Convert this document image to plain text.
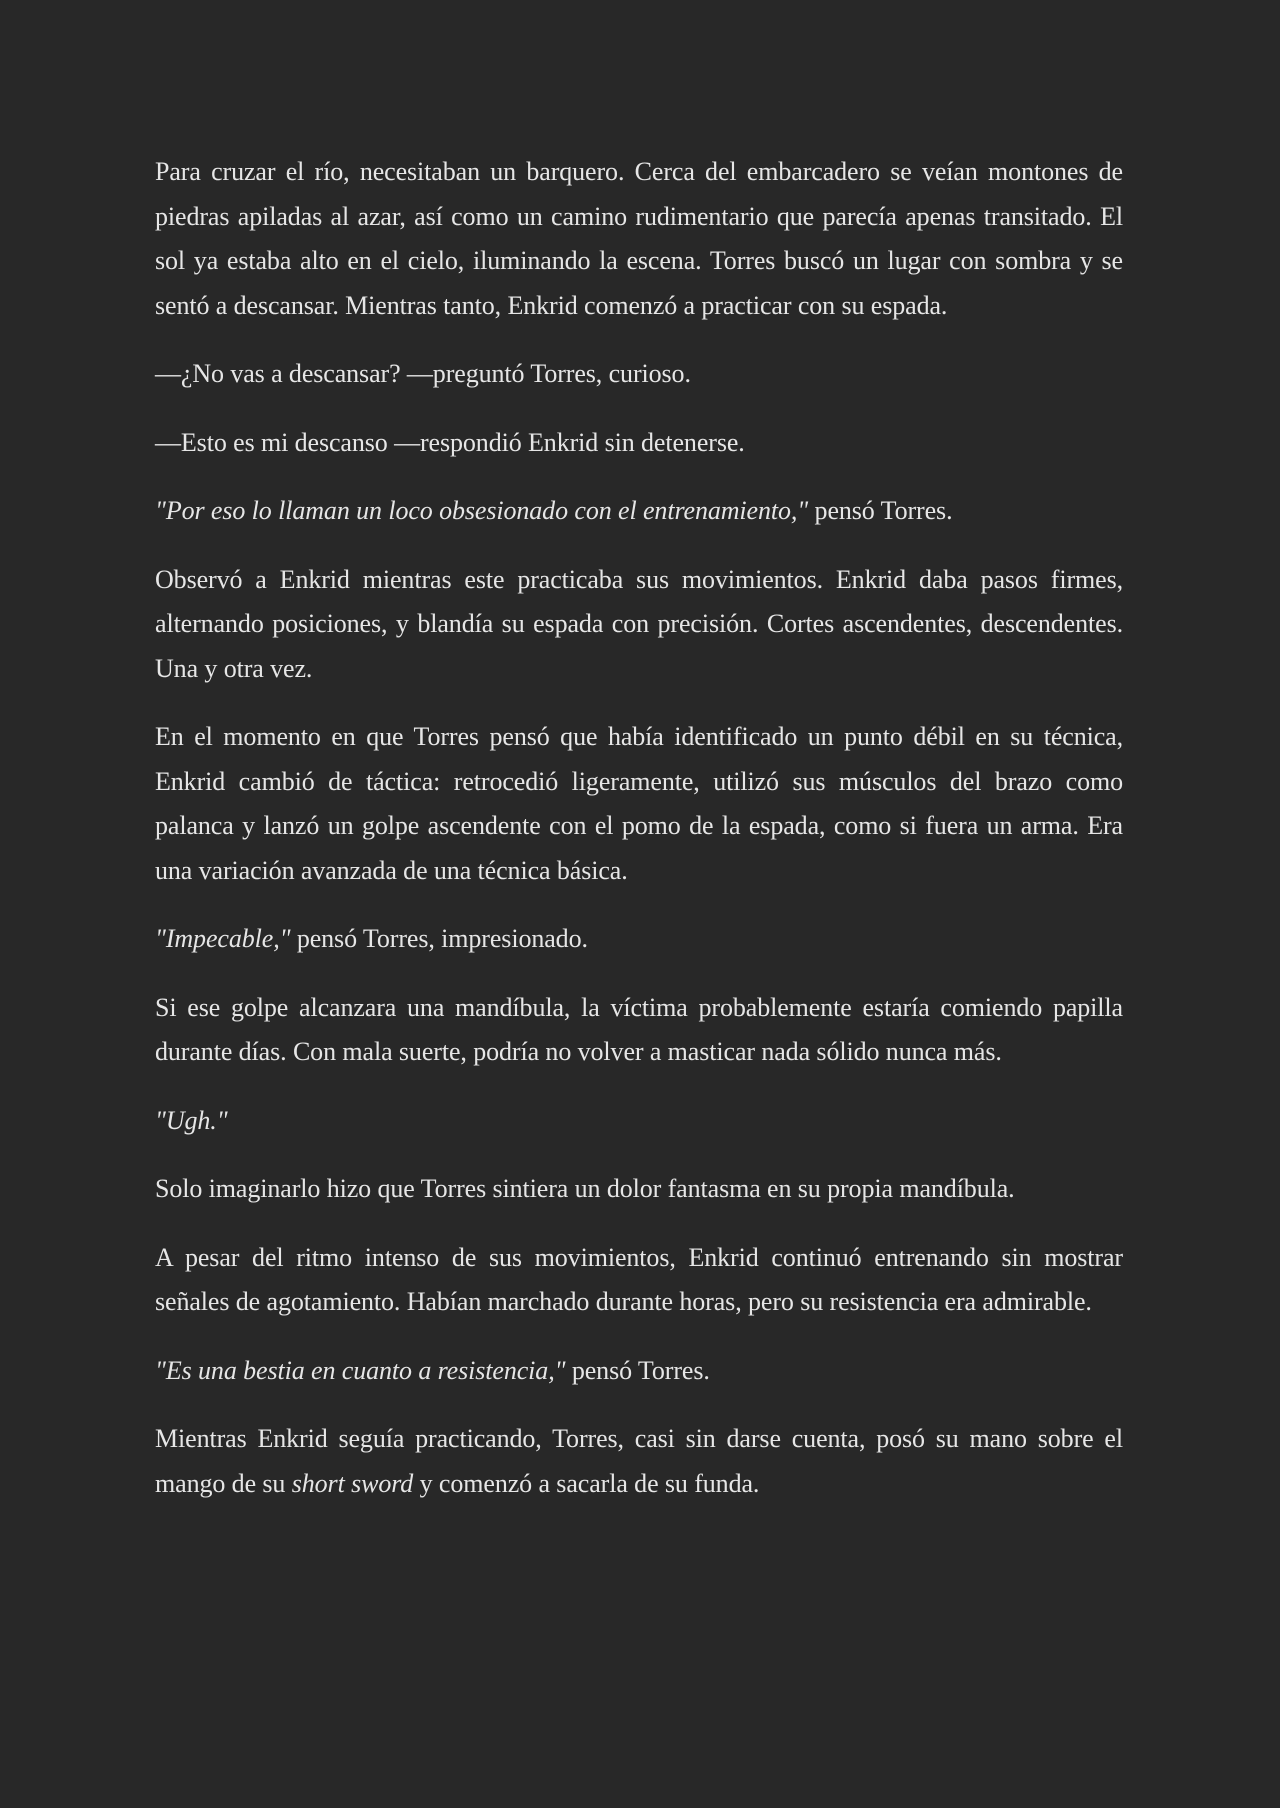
Para cruzar el río, necesitaban un barquero. Cerca del embarcadero se veían montones de piedras apiladas al azar, así como un camino rudimentario que parecía apenas transitado. El sol ya estaba alto en el cielo, iluminando la escena. Torres buscó un lugar con sombra y se sentó a descansar. Mientras tanto, Enkrid comenzó a practicar con su espada.

—¿No vas a descansar? —preguntó Torres, curioso.

—Esto es mi descanso —respondió Enkrid sin detenerse.

"Por eso lo llaman un loco obsesionado con el entrenamiento," pensó Torres.

Observó a Enkrid mientras este practicaba sus movimientos. Enkrid daba pasos firmes, alternando posiciones, y blandía su espada con precisión. Cortes ascendentes, descendentes. Una y otra vez.

En el momento en que Torres pensó que había identificado un punto débil en su técnica, Enkrid cambió de táctica: retrocedió ligeramente, utilizó sus músculos del brazo como palanca y lanzó un golpe ascendente con el pomo de la espada, como si fuera un arma. Era una variación avanzada de una técnica básica.

"Impecable," pensó Torres, impresionado.

Si ese golpe alcanzara una mandíbula, la víctima probablemente estaría comiendo papilla durante días. Con mala suerte, podría no volver a masticar nada sólido nunca más.

"Ugh."

Solo imaginarlo hizo que Torres sintiera un dolor fantasma en su propia mandíbula.

A pesar del ritmo intenso de sus movimientos, Enkrid continuó entrenando sin mostrar señales de agotamiento. Habían marchado durante horas, pero su resistencia era admirable.

"Es una bestia en cuanto a resistencia," pensó Torres.

Mientras Enkrid seguía practicando, Torres, casi sin darse cuenta, posó su mano sobre el mango de su short sword y comenzó a sacarla de su funda.
